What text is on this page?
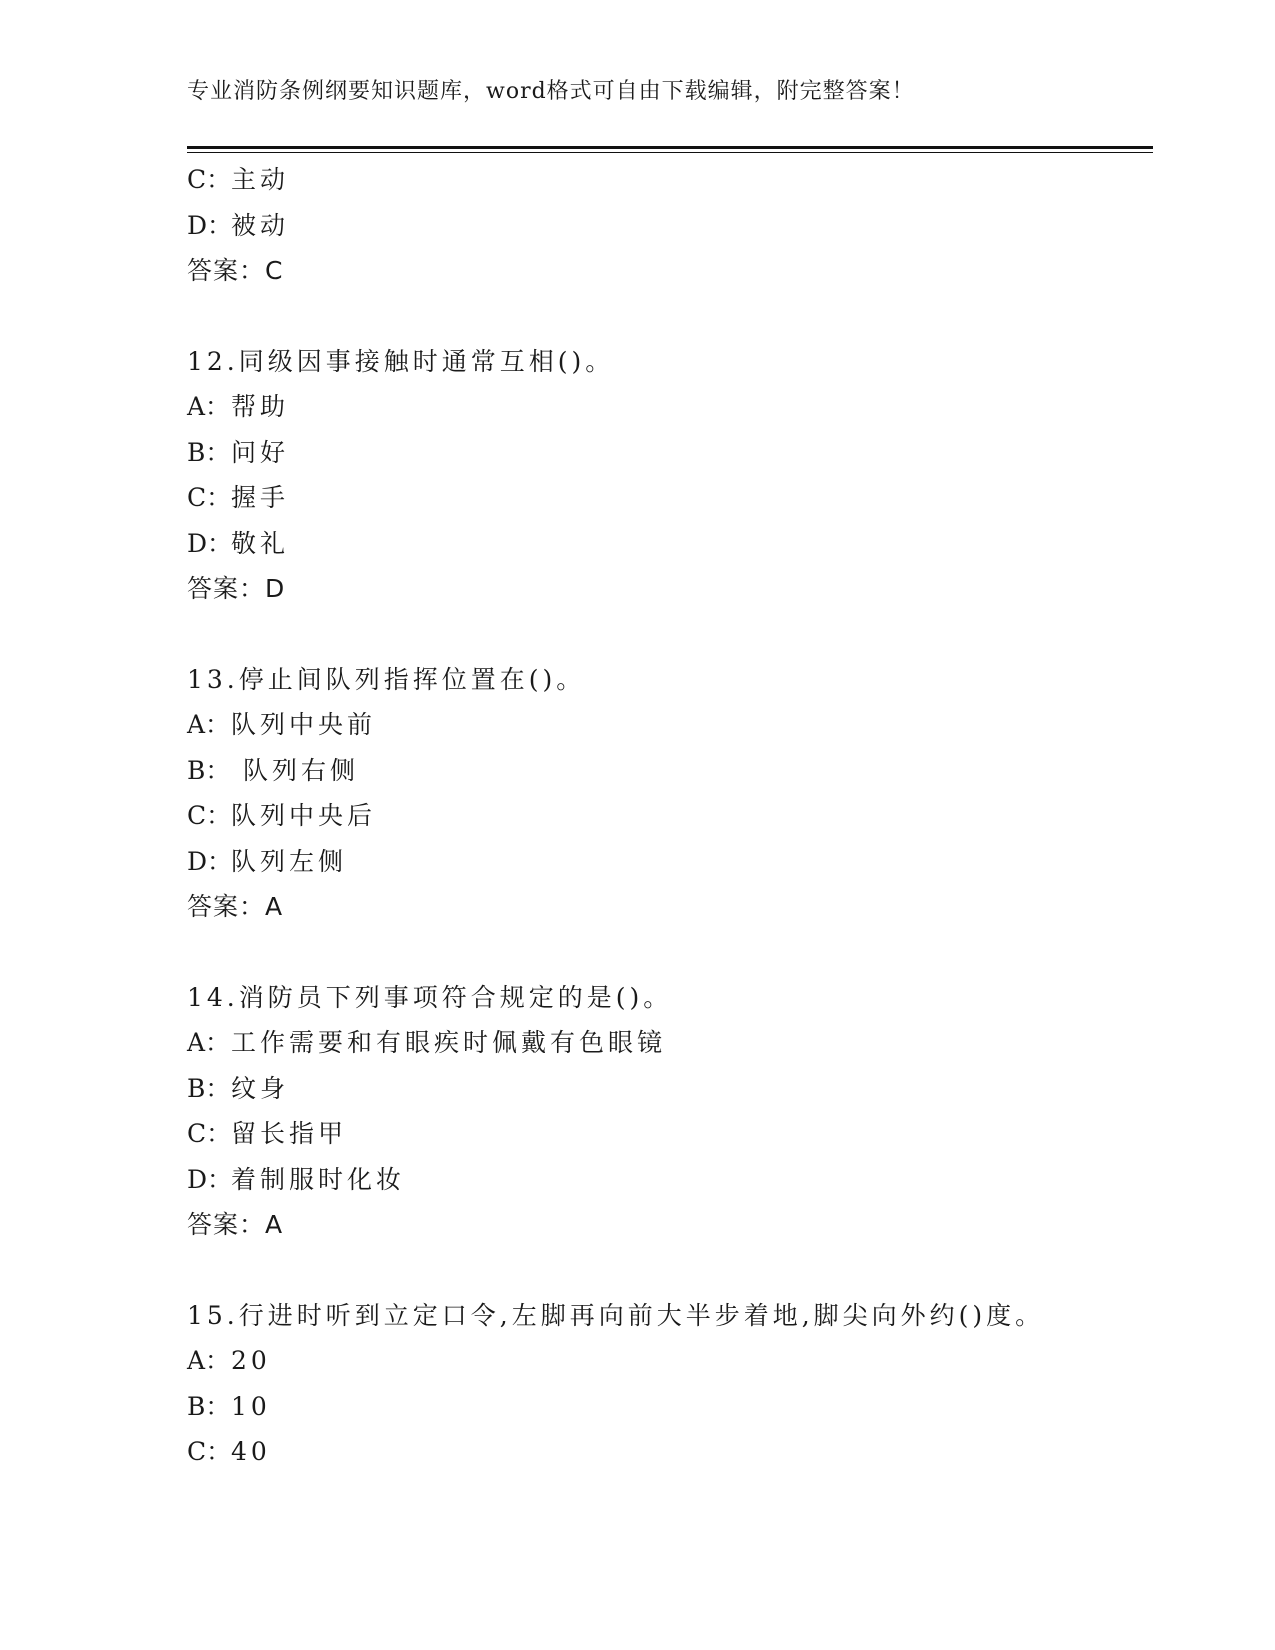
专业消防条例纲要知识题库，word格式可自由下载编辑，附完整答案！
C：主动
D：被动
答案：C
12.同级因事接触时通常互相()。
A：帮助
B：问好
C：握手
D：敬礼
答案：D
13.停止间队列指挥位置在()。
A：队列中央前
B： 队列右侧
C：队列中央后
D：队列左侧
答案：A
14.消防员下列事项符合规定的是()。
A：工作需要和有眼疾时佩戴有色眼镜
B：纹身
C：留长指甲
D：着制服时化妆
答案：A
15.行进时听到立定口令,左脚再向前大半步着地,脚尖向外约()度。
A：20
B：10
C：40
